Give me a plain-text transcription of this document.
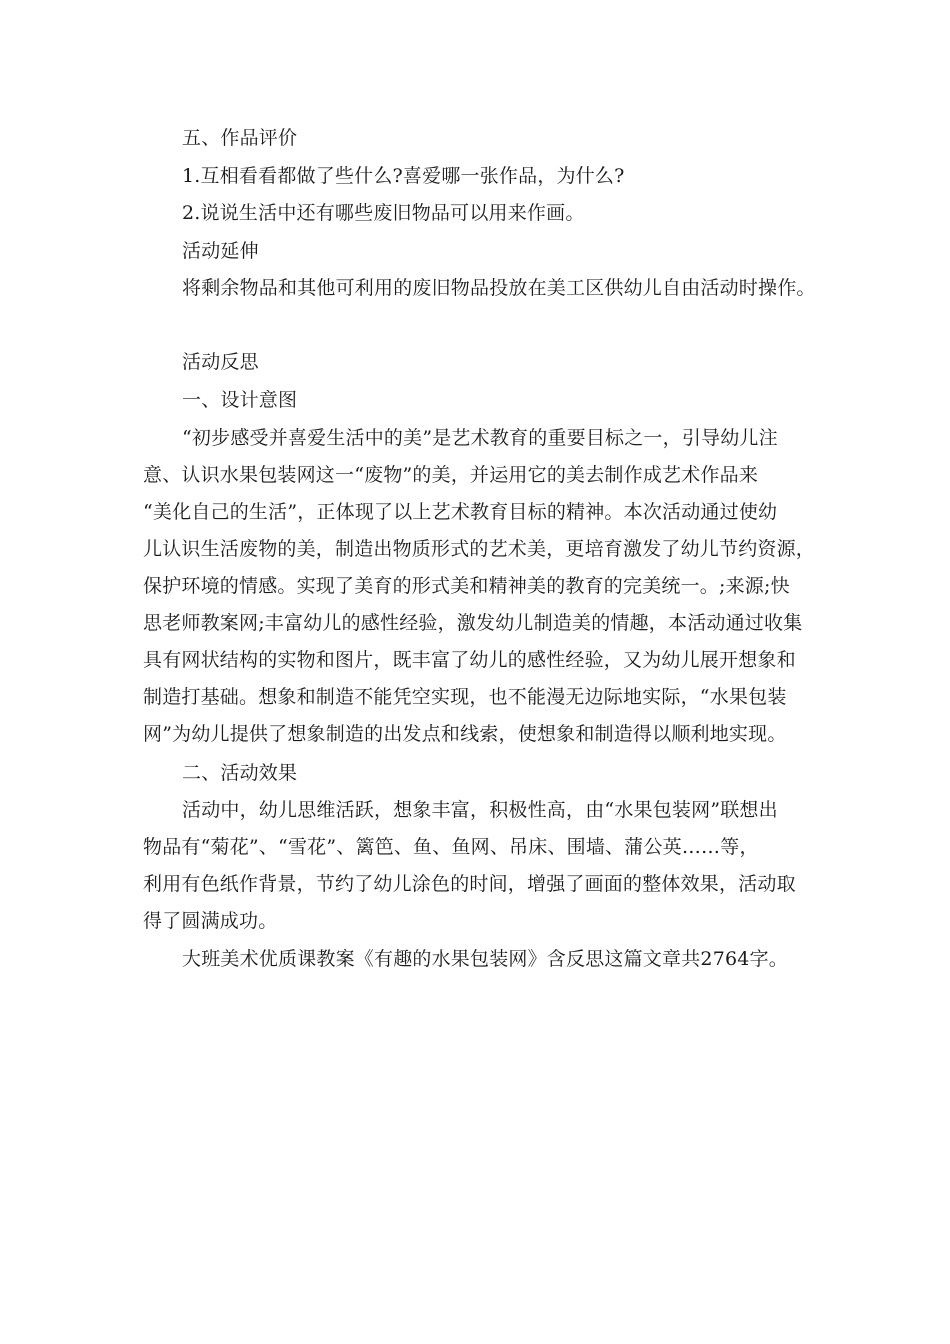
五、作品评价
1.互相看看都做了些什么?喜爱哪一张作品，为什么?
2.说说生活中还有哪些废旧物品可以用来作画。
活动延伸
将剩余物品和其他可利用的废旧物品投放在美工区供幼儿自由活动时操作。
活动反思
一、设计意图
“初步感受并喜爱生活中的美”是艺术教育的重要目标之一，引导幼儿注
意、认识水果包装网这一“废物”的美，并运用它的美去制作成艺术作品来
“美化自己的生活”，正体现了以上艺术教育目标的精神。本次活动通过使幼
儿认识生活废物的美，制造出物质形式的艺术美，更培育激发了幼儿节约资源，
保护环境的情感。实现了美育的形式美和精神美的教育的完美统一。;来源;快
思老师教案网;丰富幼儿的感性经验，激发幼儿制造美的情趣，本活动通过收集
具有网状结构的实物和图片，既丰富了幼儿的感性经验，又为幼儿展开想象和
制造打基础。想象和制造不能凭空实现，也不能漫无边际地实际，“水果包装
网”为幼儿提供了想象制造的出发点和线索，使想象和制造得以顺利地实现。
二、活动效果
活动中，幼儿思维活跃，想象丰富，积极性高，由“水果包装网”联想出
物品有“菊花”、“雪花”、篱笆、鱼、鱼网、吊床、围墙、蒲公英……等，
利用有色纸作背景，节约了幼儿涂色的时间，增强了画面的整体效果，活动取
得了圆满成功。
大班美术优质课教案《有趣的水果包装网》含反思这篇文章共2764字。
